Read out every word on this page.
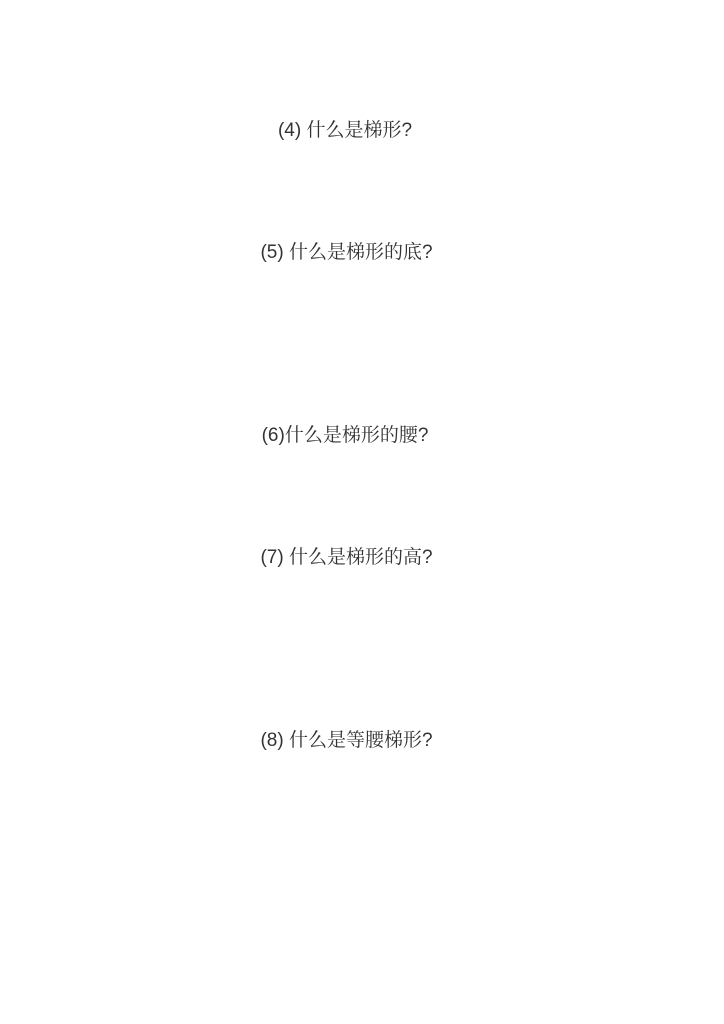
(4) 什么是梯形?
(5) 什么是梯形的底?
(6)什么是梯形的腰?
(7) 什么是梯形的高?
(8) 什么是等腰梯形?
